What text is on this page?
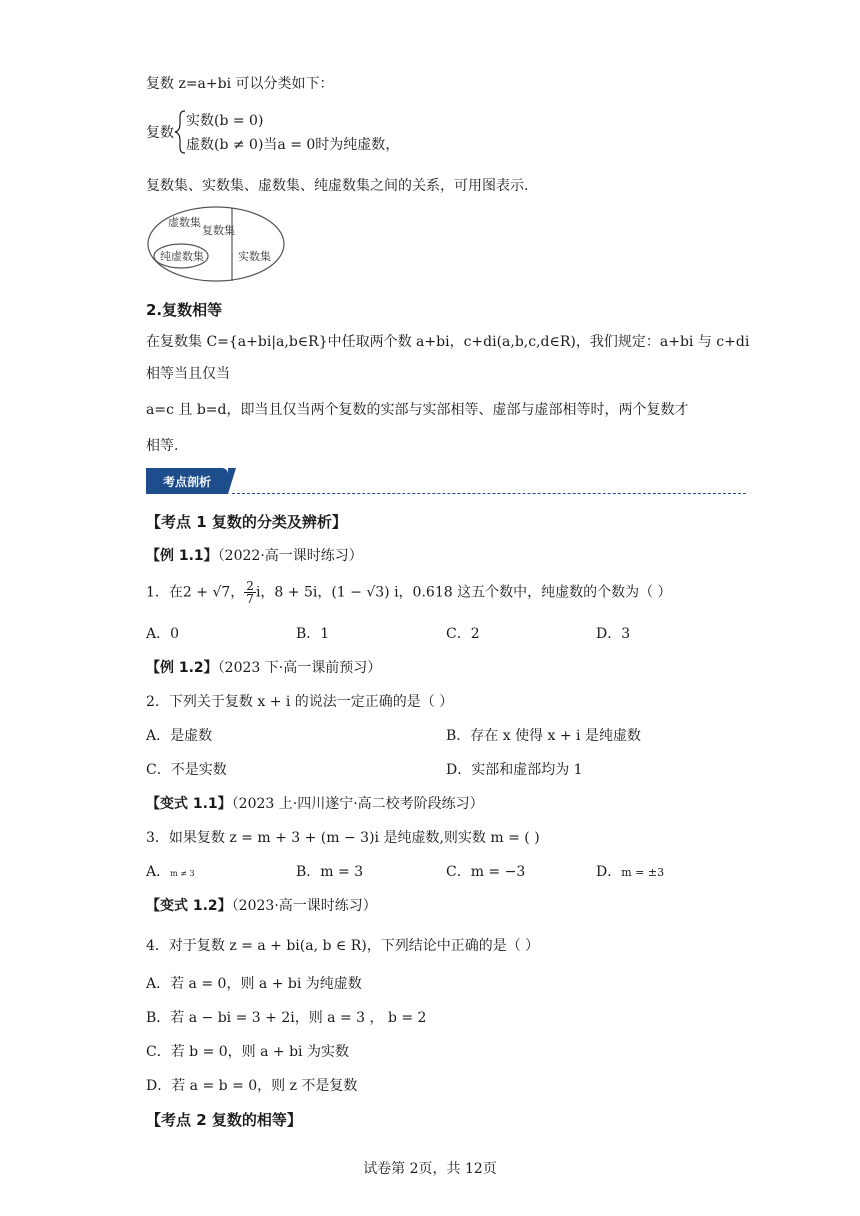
复数 z=a+bi 可以分类如下：
复数
实数(b = 0)
虚数(b ≠ 0)当a = 0时为纯虚数，
复数集、实数集、虚数集、纯虚数集之间的关系，可用图表示.
虚数集
复数集
纯虚数集	实数集
2.复数相等
在复数集 C={a+bi|a,b∈R}中任取两个数 a+bi，c+di(a,b,c,d∈R)，我们规定：a+bi 与 c+di
相等当且仅当
a=c 且 b=d，即当且仅当两个复数的实部与实部相等、虚部与虚部相等时，两个复数才
相等.
考点剖析
【考点 1 复数的分类及辨析】
【例 1.1】（2022·高一课时练习）
1．在2 + √7， $\frac{2}{7}$ i，8 + 5i，(1 − √3) i，0.618 这五个数中，纯虚数的个数为（ ）
A．0	B．1	C．2	D．3
【例 1.2】（2023 下·高一课前预习）
2．下列关于复数 x + i 的说法一定正确的是（ ）
A．是虚数	B．存在 x 使得 x + i 是纯虚数
C．不是实数	D．实部和虚部均为 1
【变式 1.1】（2023 上·四川遂宁·高二校考阶段练习）
3．如果复数 z = m + 3 + (m − 3)i 是纯虚数,则实数 m = ( )
A．m ≠ 3	B．m = 3	C．m = −3	D．m = ±3
【变式 1.2】（2023·高一课时练习）
4．对于复数 z = a + bi(a, b ∈ R)，下列结论中正确的是（ ）
A．若 a = 0，则 a + bi 为纯虚数
B．若 a − bi = 3 + 2i，则 a = 3 ， b = 2
C．若 b = 0，则 a + bi 为实数
D．若 a = b = 0，则 z 不是复数
【考点 2 复数的相等】
试卷第 2页，共 12页
